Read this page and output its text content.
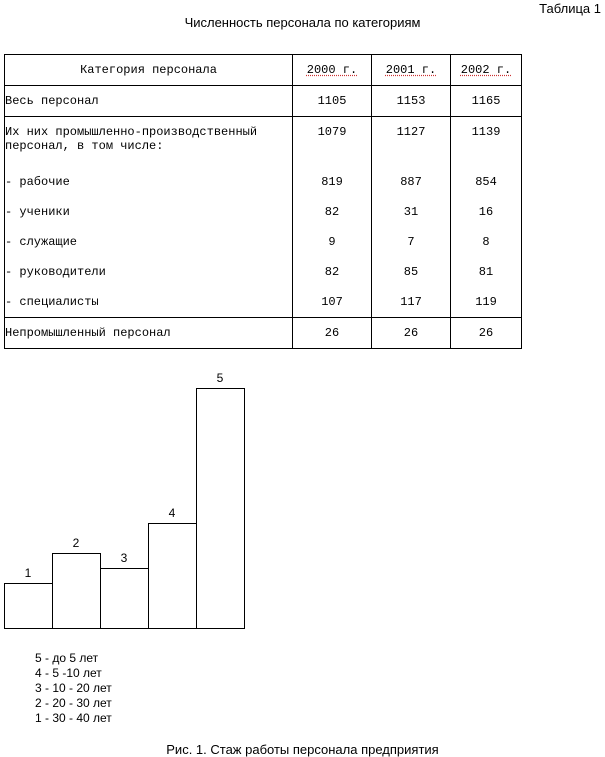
Таблица 1
Численность персонала по категориям
Категория персонала	2000 г.	2001 г.	2002 г.
Весь персонал	1105	1153	1165
Их них промышленно-производственный персонал, в том числе:	1079	1127	1139
- рабочие	819	887	854
- ученики	82	31	16
- служащие	9	7	8
- руководители	82	85	81
- специалисты	107	117	119
Непромышленный персонал	26	26	26
1
2
3
4
5
5 - до 5 лет
4 - 5 -10 лет
3 - 10 - 20 лет
2 - 20 - 30 лет
1 - 30 - 40 лет
Рис. 1. Стаж работы персонала предприятия
